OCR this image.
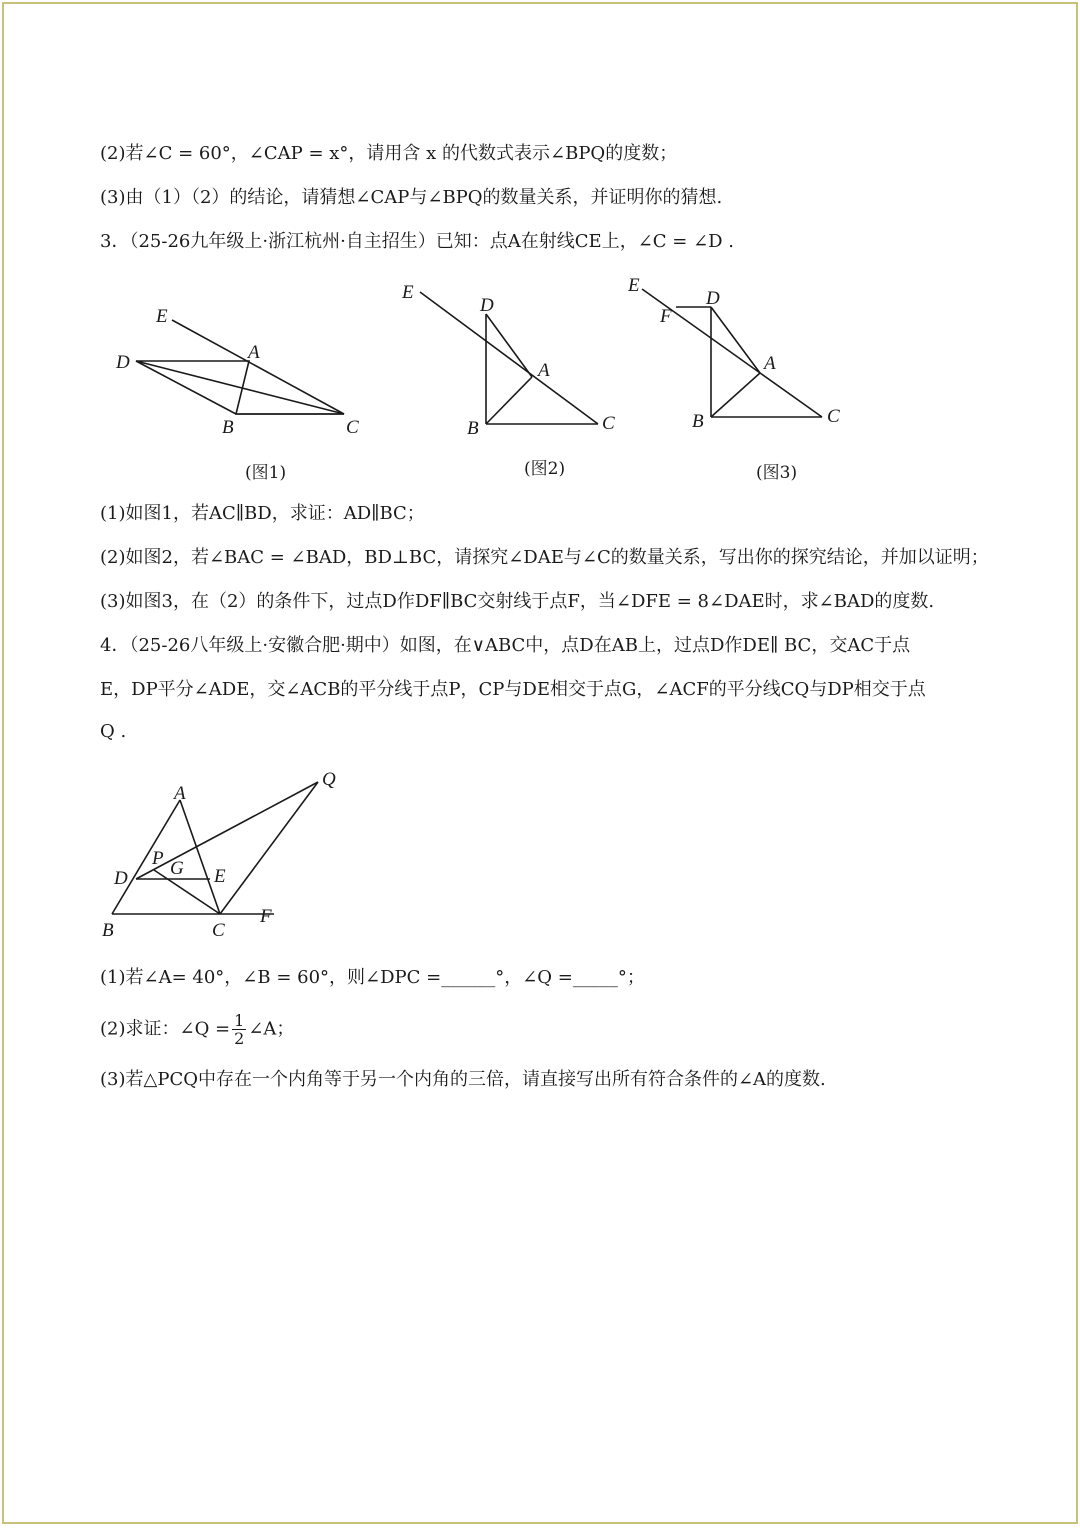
(2)若∠C = 60°，∠CAP = x°，请用含 x 的代数式表示∠BPQ的度数；
(3)由（1）（2）的结论，请猜想∠CAP与∠BPQ的数量关系，并证明你的猜想.
3．（25-26九年级上·浙江杭州·自主招生）已知：点A在射线CE上，∠C = ∠D .
E
D	A
B	C
(图1)
E
D
A
B	C
(图2)
E
F
D
A
B	C
(图3)
(1)如图1，若AC∥BD，求证：AD∥BC；
(2)如图2，若∠BAC = ∠BAD，BD⊥BC，请探究∠DAE与∠C的数量关系，写出你的探究结论，并加以证明；
(3)如图3，在（2）的条件下，过点D作DF∥BC交射线于点F，当∠DFE = 8∠DAE时，求∠BAD的度数.
4．（25-26八年级上·安徽合肥·期中）如图，在∨ABC中，点D在AB上，过点D作DE∥ BC，交AC于点
E，DP平分∠ADE，交∠ACB的平分线于点P，CP与DE相交于点G，∠ACF的平分线CQ与DP相交于点
Q .
A
Q
P G
D	E
B	C
F
(1)若∠A= 40°，∠B = 60°，则∠DPC =______°，∠Q =_____°；
(2)求证：∠Q = $\frac{1}{2}$ ∠A；
(3)若△PCQ中存在一个内角等于另一个内角的三倍，请直接写出所有符合条件的∠A的度数.
